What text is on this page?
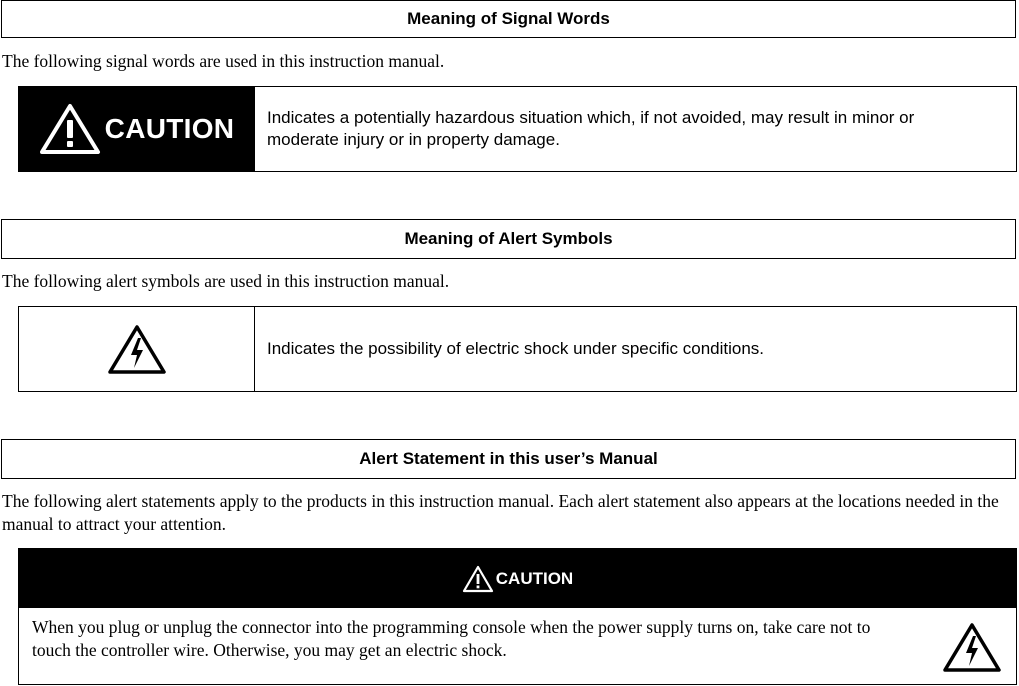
Meaning of Signal Words
The following signal words are used in this instruction manual.
CAUTION Indicates a potentially hazardous situation which, if not avoided, may result in minor or moderate injury or in property damage.
Meaning of Alert Symbols
The following alert symbols are used in this instruction manual.
Indicates the possibility of electric shock under specific conditions.
Alert Statement in this user’s Manual
The following alert statements apply to the products in this instruction manual. Each alert statement also appears at the locations needed in the manual to attract your attention.
CAUTION
When you plug or unplug the connector into the programming console when the power supply turns on, take care not to
touch the controller wire. Otherwise, you may get an electric shock.
